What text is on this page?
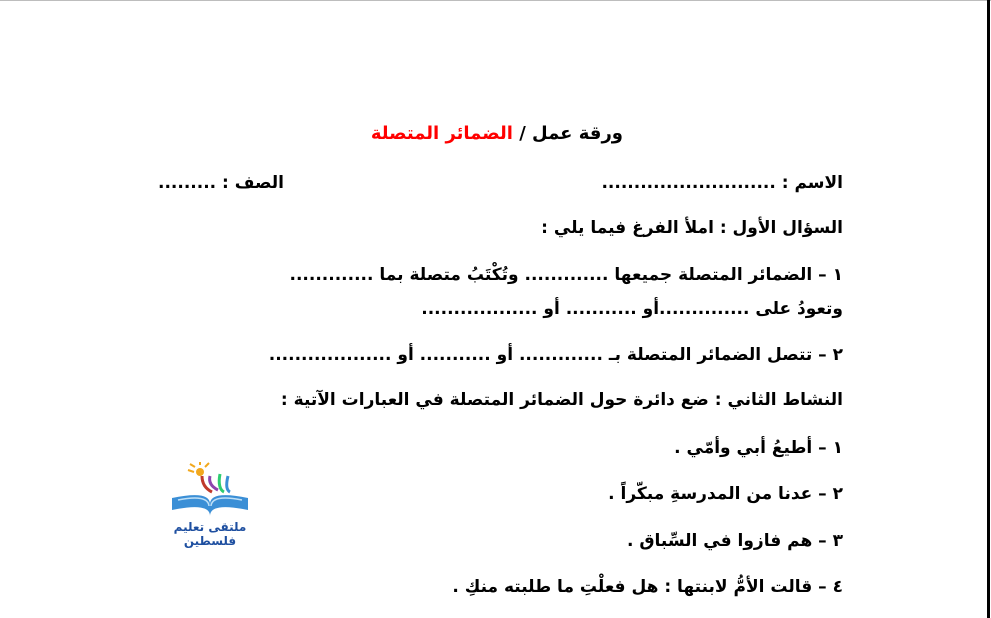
ورقة عمل / الضمائر المتصلة
الاسم : ...........................
الصف : .........
السؤال الأول : املأ الفرغ فيما يلي :
١ – الضمائر المتصلة جميعها ............. وتُكْتَبُ متصلة بما .............
وتعودُ على ..............أو ........... أو ..................
٢ – تتصل الضمائر المتصلة بـ ............. أو ........... أو ...................
النشاط الثاني : ضع دائرة حول الضمائر المتصلة في العبارات الآتية :
١ – أطيعُ أبي وأمّي .
٢ – عدنا من المدرسةِ مبكّراً .
٣ – هم فازوا في السِّباق .
٤ – قالت الأمُّ لابنتها : هل فعلْتِ ما طلبته منكِ .
ملتقى تعليم فلسطين
